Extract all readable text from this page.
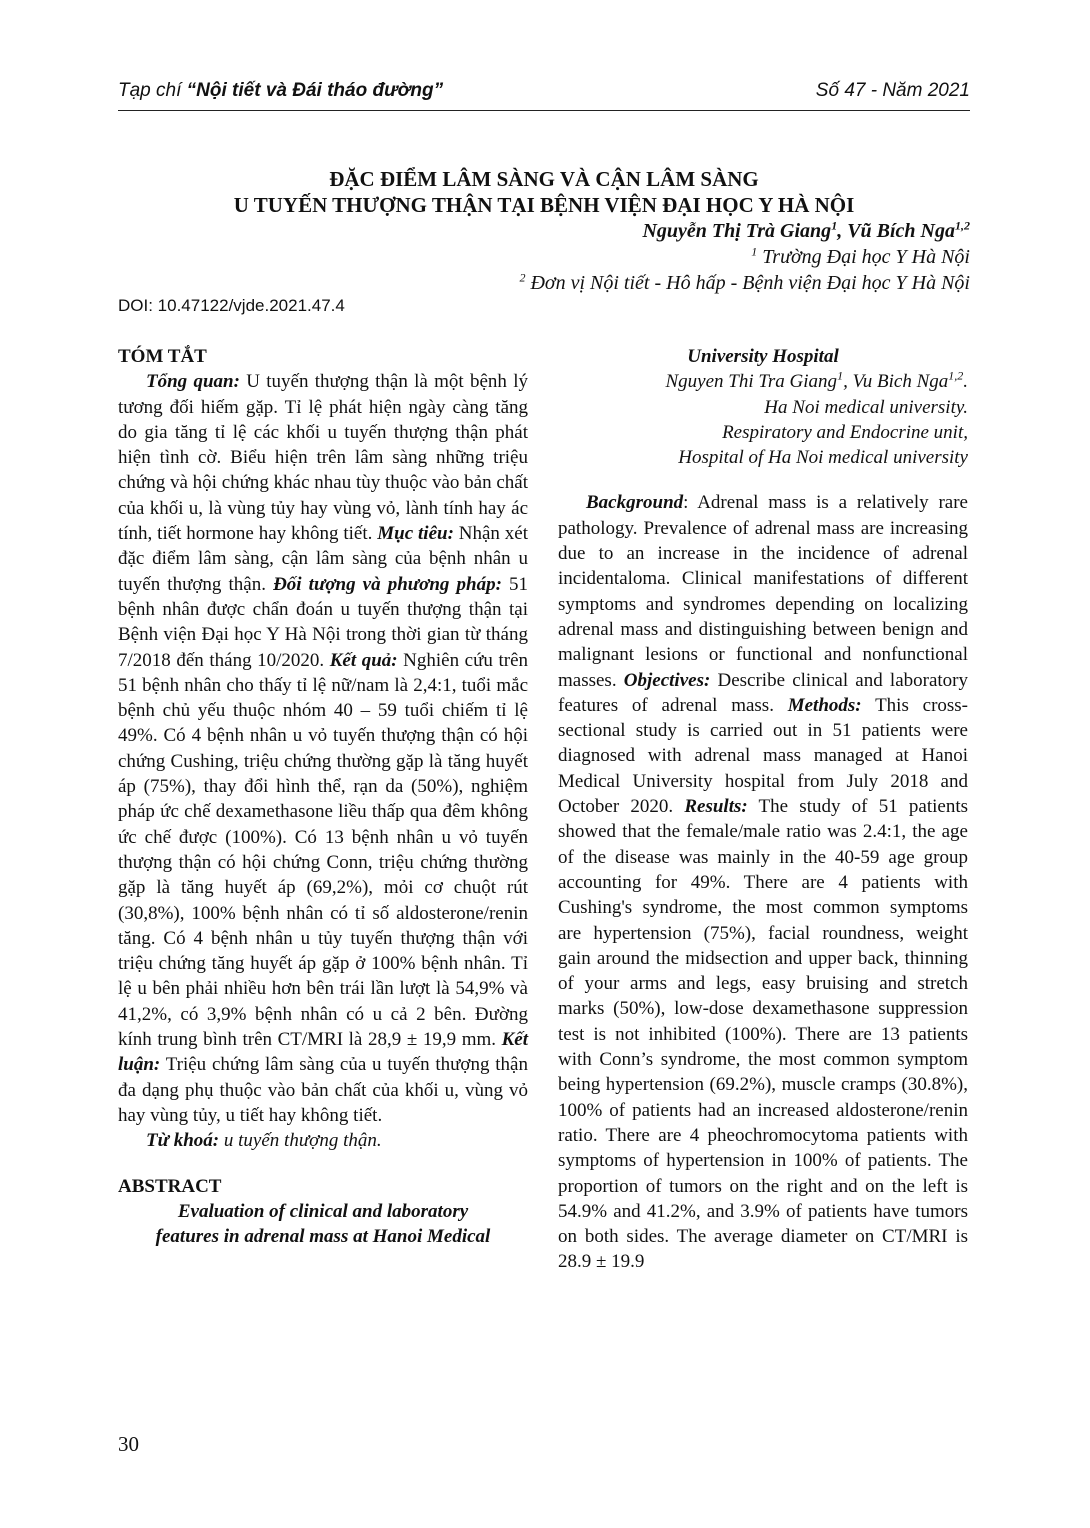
Tạp chí “Nội tiết và Đái tháo đường”	Số 47 - Năm 2021
ĐẶC ĐIỂM LÂM SÀNG VÀ CẬN LÂM SÀNG
U TUYẾN THƯỢNG THẬN TẠI BỆNH VIỆN ĐẠI HỌC Y HÀ NỘI
Nguyễn Thị Trà Giang$^1$, Vũ Bích Nga$^{1,2}$
$^1$ Trường Đại học Y Hà Nội
$^2$ Đơn vị Nội tiết - Hô hấp - Bệnh viện Đại học Y Hà Nội
DOI: 10.47122/vjde.2021.47.4

TÓM TẮT

Tổng quan: U tuyến thượng thận là một bệnh lý tương đối hiếm gặp. Tỉ lệ phát hiện ngày càng tăng do gia tăng tỉ lệ các khối u tuyến thượng thận phát hiện tình cờ. Biểu hiện trên lâm sàng những triệu chứng và hội chứng khác nhau tùy thuộc vào bản chất của khối u, là vùng tủy hay vùng vỏ, lành tính hay ác tính, tiết hormone hay không tiết. Mục tiêu: Nhận xét đặc điểm lâm sàng, cận lâm sàng của bệnh nhân u tuyến thượng thận. Đối tượng và phương pháp: 51 bệnh nhân được chẩn đoán u tuyến thượng thận tại Bệnh viện Đại học Y Hà Nội trong thời gian từ tháng 7/2018 đến tháng 10/2020. Kết quả: Nghiên cứu trên 51 bệnh nhân cho thấy tỉ lệ nữ/nam là 2,4:1, tuổi mắc bệnh chủ yếu thuộc nhóm 40 – 59 tuổi chiếm tỉ lệ 49%. Có 4 bệnh nhân u vỏ tuyến thượng thận có hội chứng Cushing, triệu chứng thường gặp là tăng huyết áp (75%), thay đổi hình thể, rạn da (50%), nghiệm pháp ức chế dexamethasone liều thấp qua đêm không ức chế được (100%). Có 13 bệnh nhân u vỏ tuyến thượng thận có hội chứng Conn, triệu chứng thường gặp là tăng huyết áp (69,2%), mỏi cơ chuột rút (30,8%), 100% bệnh nhân có tỉ số aldosterone/renin tăng. Có 4 bệnh nhân u tủy tuyến thượng thận với triệu chứng tăng huyết áp gặp ở 100% bệnh nhân. Tỉ lệ u bên phải nhiều hơn bên trái lần lượt là 54,9% và 41,2%, có 3,9% bệnh nhân có u cả 2 bên. Đường kính trung bình trên CT/MRI là 28,9 ± 19,9 mm. Kết luận: Triệu chứng lâm sàng của u tuyến thượng thận đa dạng phụ thuộc vào bản chất của khối u, vùng vỏ hay vùng tủy, u tiết hay không tiết.

Từ khoá: u tuyến thượng thận.

ABSTRACT

Evaluation of clinical and laboratory

features in adrenal mass at Hanoi Medical

University Hospital

Nguyen Thi Tra Giang$^1$, Vu Bich Nga$^{1,2}$.

Ha Noi medical university.

Respiratory and Endocrine unit,

Hospital of Ha Noi medical university

Background: Adrenal mass is a relatively rare pathology. Prevalence of adrenal mass are increasing due to an increase in the incidence of adrenal incidentaloma. Clinical manifestations of different symptoms and syndromes depending on localizing adrenal mass and distinguishing between benign and malignant lesions or functional and nonfunctional masses. Objectives: Describe clinical and laboratory features of adrenal mass. Methods: This cross-sectional study is carried out in 51 patients were diagnosed with adrenal mass managed at Hanoi Medical University hospital from July 2018 and October 2020. Results: The study of 51 patients showed that the female/male ratio was 2.4:1, the age of the disease was mainly in the 40-59 age group accounting for 49%. There are 4 patients with Cushing's syndrome, the most common symptoms are hypertension (75%), facial roundness, weight gain around the midsection and upper back, thinning of your arms and legs, easy bruising and stretch marks (50%), low-dose dexamethasone suppression test is not inhibited (100%). There are 13 patients with Conn’s syndrome, the most common symptom being hypertension (69.2%), muscle cramps (30.8%), 100% of patients had an increased aldosterone/renin ratio. There are 4 pheochromocytoma patients with symptoms of hypertension in 100% of patients. The proportion of tumors on the right and on the left is 54.9% and 41.2%, and 3.9% of patients have tumors on both sides. The average diameter on CT/MRI is 28.9 ± 19.9

30
